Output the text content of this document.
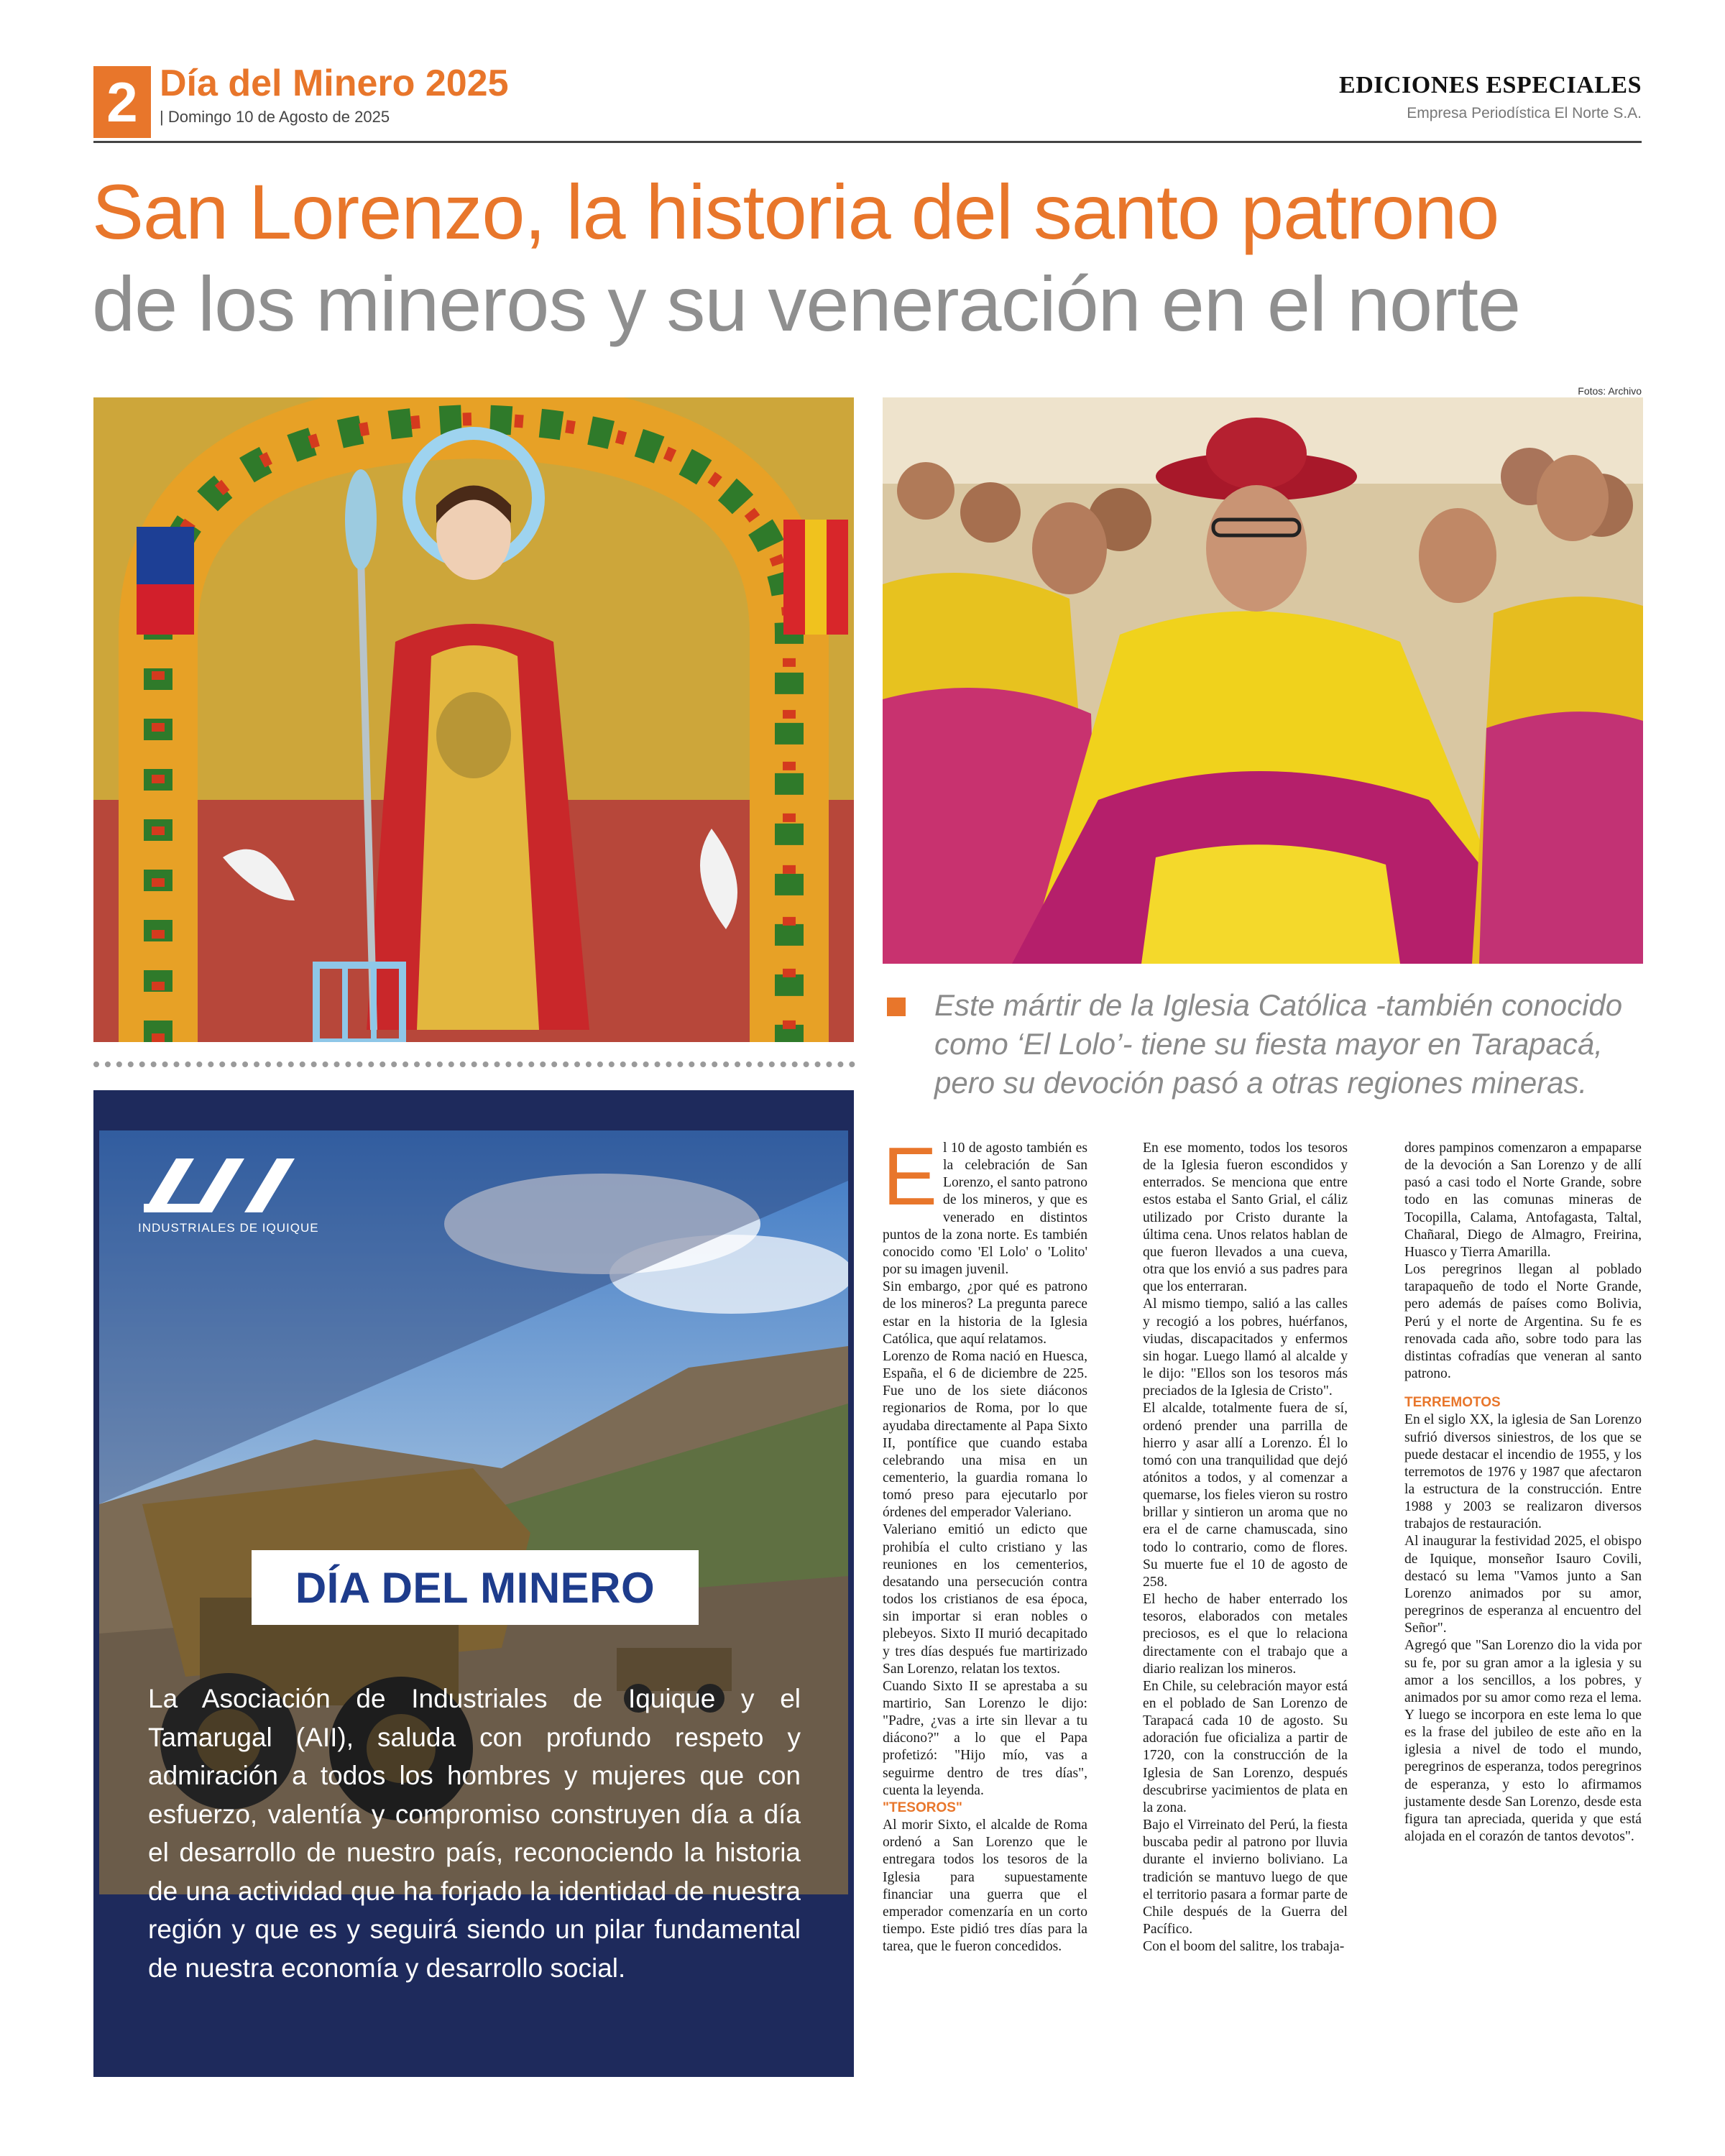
2 Día del Minero 2025
| Domingo 10 de Agosto de 2025
EDICIONES ESPECIALES
Empresa Periodística El Norte S.A.
San Lorenzo, la historia del santo patrono
de los mineros y su veneración en el norte
Fotos: Archivo
Este mártir de la Iglesia Católica -también conocido como ‘El Lolo’- tiene su fiesta mayor en Tarapacá, pero su devoción pasó a otras regiones mineras.
INDUSTRIALES DE IQUIQUE
DÍA DEL MINERO
La Asociación de Industriales de Iquique y el Tamarugal (AII), saluda con profundo respeto y admiración a todos los hombres y mujeres que con esfuerzo, valentía y compromiso construyen día a día el desarrollo de nuestro país, reconociendo la historia de una actividad que ha forjado la identidad de nuestra región y que es y seguirá siendo un pilar fundamental de nuestra economía y desarrollo social.
E l 10 de agosto también es la celebración de San Lorenzo, el santo patrono de los mineros, y que es venerado en distintos puntos de la zona norte. Es también conocido como 'El Lolo' o 'Lolito' por su imagen juvenil.

Sin embargo, ¿por qué es patrono de los mineros? La pregunta parece estar en la historia de la Iglesia Católica, que aquí relatamos.

Lorenzo de Roma nació en Huesca, España, el 6 de diciembre de 225. Fue uno de los siete diáconos regionarios de Roma, por lo que ayudaba directamente al Papa Sixto II, pontífice que cuando estaba celebrando una misa en un cementerio, la guardia romana lo tomó preso para ejecutarlo por órdenes del emperador Valeriano.

Valeriano emitió un edicto que prohibía el culto cristiano y las reuniones en los cementerios, desatando una persecución contra todos los cristianos de esa época, sin importar si eran nobles o plebeyos. Sixto II murió decapitado y tres días después fue martirizado San Lorenzo, relatan los textos.

Cuando Sixto II se aprestaba a su martirio, San Lorenzo le dijo: "Padre, ¿vas a irte sin llevar a tu diácono?" a lo que el Papa profetizó: "Hijo mío, vas a seguirme dentro de tres días", cuenta la leyenda.

"TESOROS"

Al morir Sixto, el alcalde de Roma ordenó a San Lorenzo que le entregara todos los tesoros de la Iglesia para supuestamente financiar una guerra que el emperador comenzaría en un corto tiempo. Este pidió tres días para la tarea, que le fueron concedidos.

En ese momento, todos los tesoros de la Iglesia fueron escondidos y enterrados. Se menciona que entre estos estaba el Santo Grial, el cáliz utilizado por Cristo durante la última cena. Unos relatos hablan de que fueron llevados a una cueva, otra que los envió a sus padres para que los enterraran.

Al mismo tiempo, salió a las calles y recogió a los pobres, huérfanos, viudas, discapacitados y enfermos sin hogar. Luego llamó al alcalde y le dijo: "Ellos son los tesoros más preciados de la Iglesia de Cristo".

El alcalde, totalmente fuera de sí, ordenó prender una parrilla de hierro y asar allí a Lorenzo. Él lo tomó con una tranquilidad que dejó atónitos a todos, y al comenzar a quemarse, los fieles vieron su rostro brillar y sintieron un aroma que no era el de carne chamuscada, sino todo lo contrario, como de flores. Su muerte fue el 10 de agosto de 258.

El hecho de haber enterrado los tesoros, elaborados con metales preciosos, es el que lo relaciona directamente con el trabajo que a diario realizan los mineros.

En Chile, su celebración mayor está en el poblado de San Lorenzo de Tarapacá cada 10 de agosto. Su adoración fue oficializa a partir de 1720, con la construcción de la Iglesia de San Lorenzo, después descubrirse yacimientos de plata en la zona.

Bajo el Virreinato del Perú, la fiesta buscaba pedir al patrono por lluvia durante el invierno boliviano. La tradición se mantuvo luego de que el territorio pasara a formar parte de Chile después de la Guerra del Pacífico.

Con el boom del salitre, los trabaja-

dores pampinos comenzaron a empaparse de la devoción a San Lorenzo y de allí pasó a casi todo el Norte Grande, sobre todo en las comunas mineras de Tocopilla, Calama, Antofagasta, Taltal, Chañaral, Diego de Almagro, Freirina, Huasco y Tierra Amarilla.

Los peregrinos llegan al poblado tarapaqueño de todo el Norte Grande, pero además de países como Bolivia, Perú y el norte de Argentina. Su fe es renovada cada año, sobre todo para las distintas cofradías que veneran al santo patrono.

TERREMOTOS

En el siglo XX, la iglesia de San Lorenzo sufrió diversos siniestros, de los que se puede destacar el incendio de 1955, y los terremotos de 1976 y 1987 que afectaron la estructura de la construcción. Entre 1988 y 2003 se realizaron diversos trabajos de restauración.

Al inaugurar la festividad 2025, el obispo de Iquique, monseñor Isauro Covili, destacó su lema "Vamos junto a San Lorenzo animados por su amor, peregrinos de esperanza al encuentro del Señor".

Agregó que "San Lorenzo dio la vida por su fe, por su gran amor a la iglesia y su amor a los sencillos, a los pobres, y animados por su amor como reza el lema. Y luego se incorpora en este lema lo que es la frase del jubileo de este año en la iglesia a nivel de todo el mundo, peregrinos de esperanza, todos peregrinos de esperanza, y esto lo afirmamos justamente desde San Lorenzo, desde esta figura tan apreciada, querida y que está alojada en el corazón de tantos devotos".
